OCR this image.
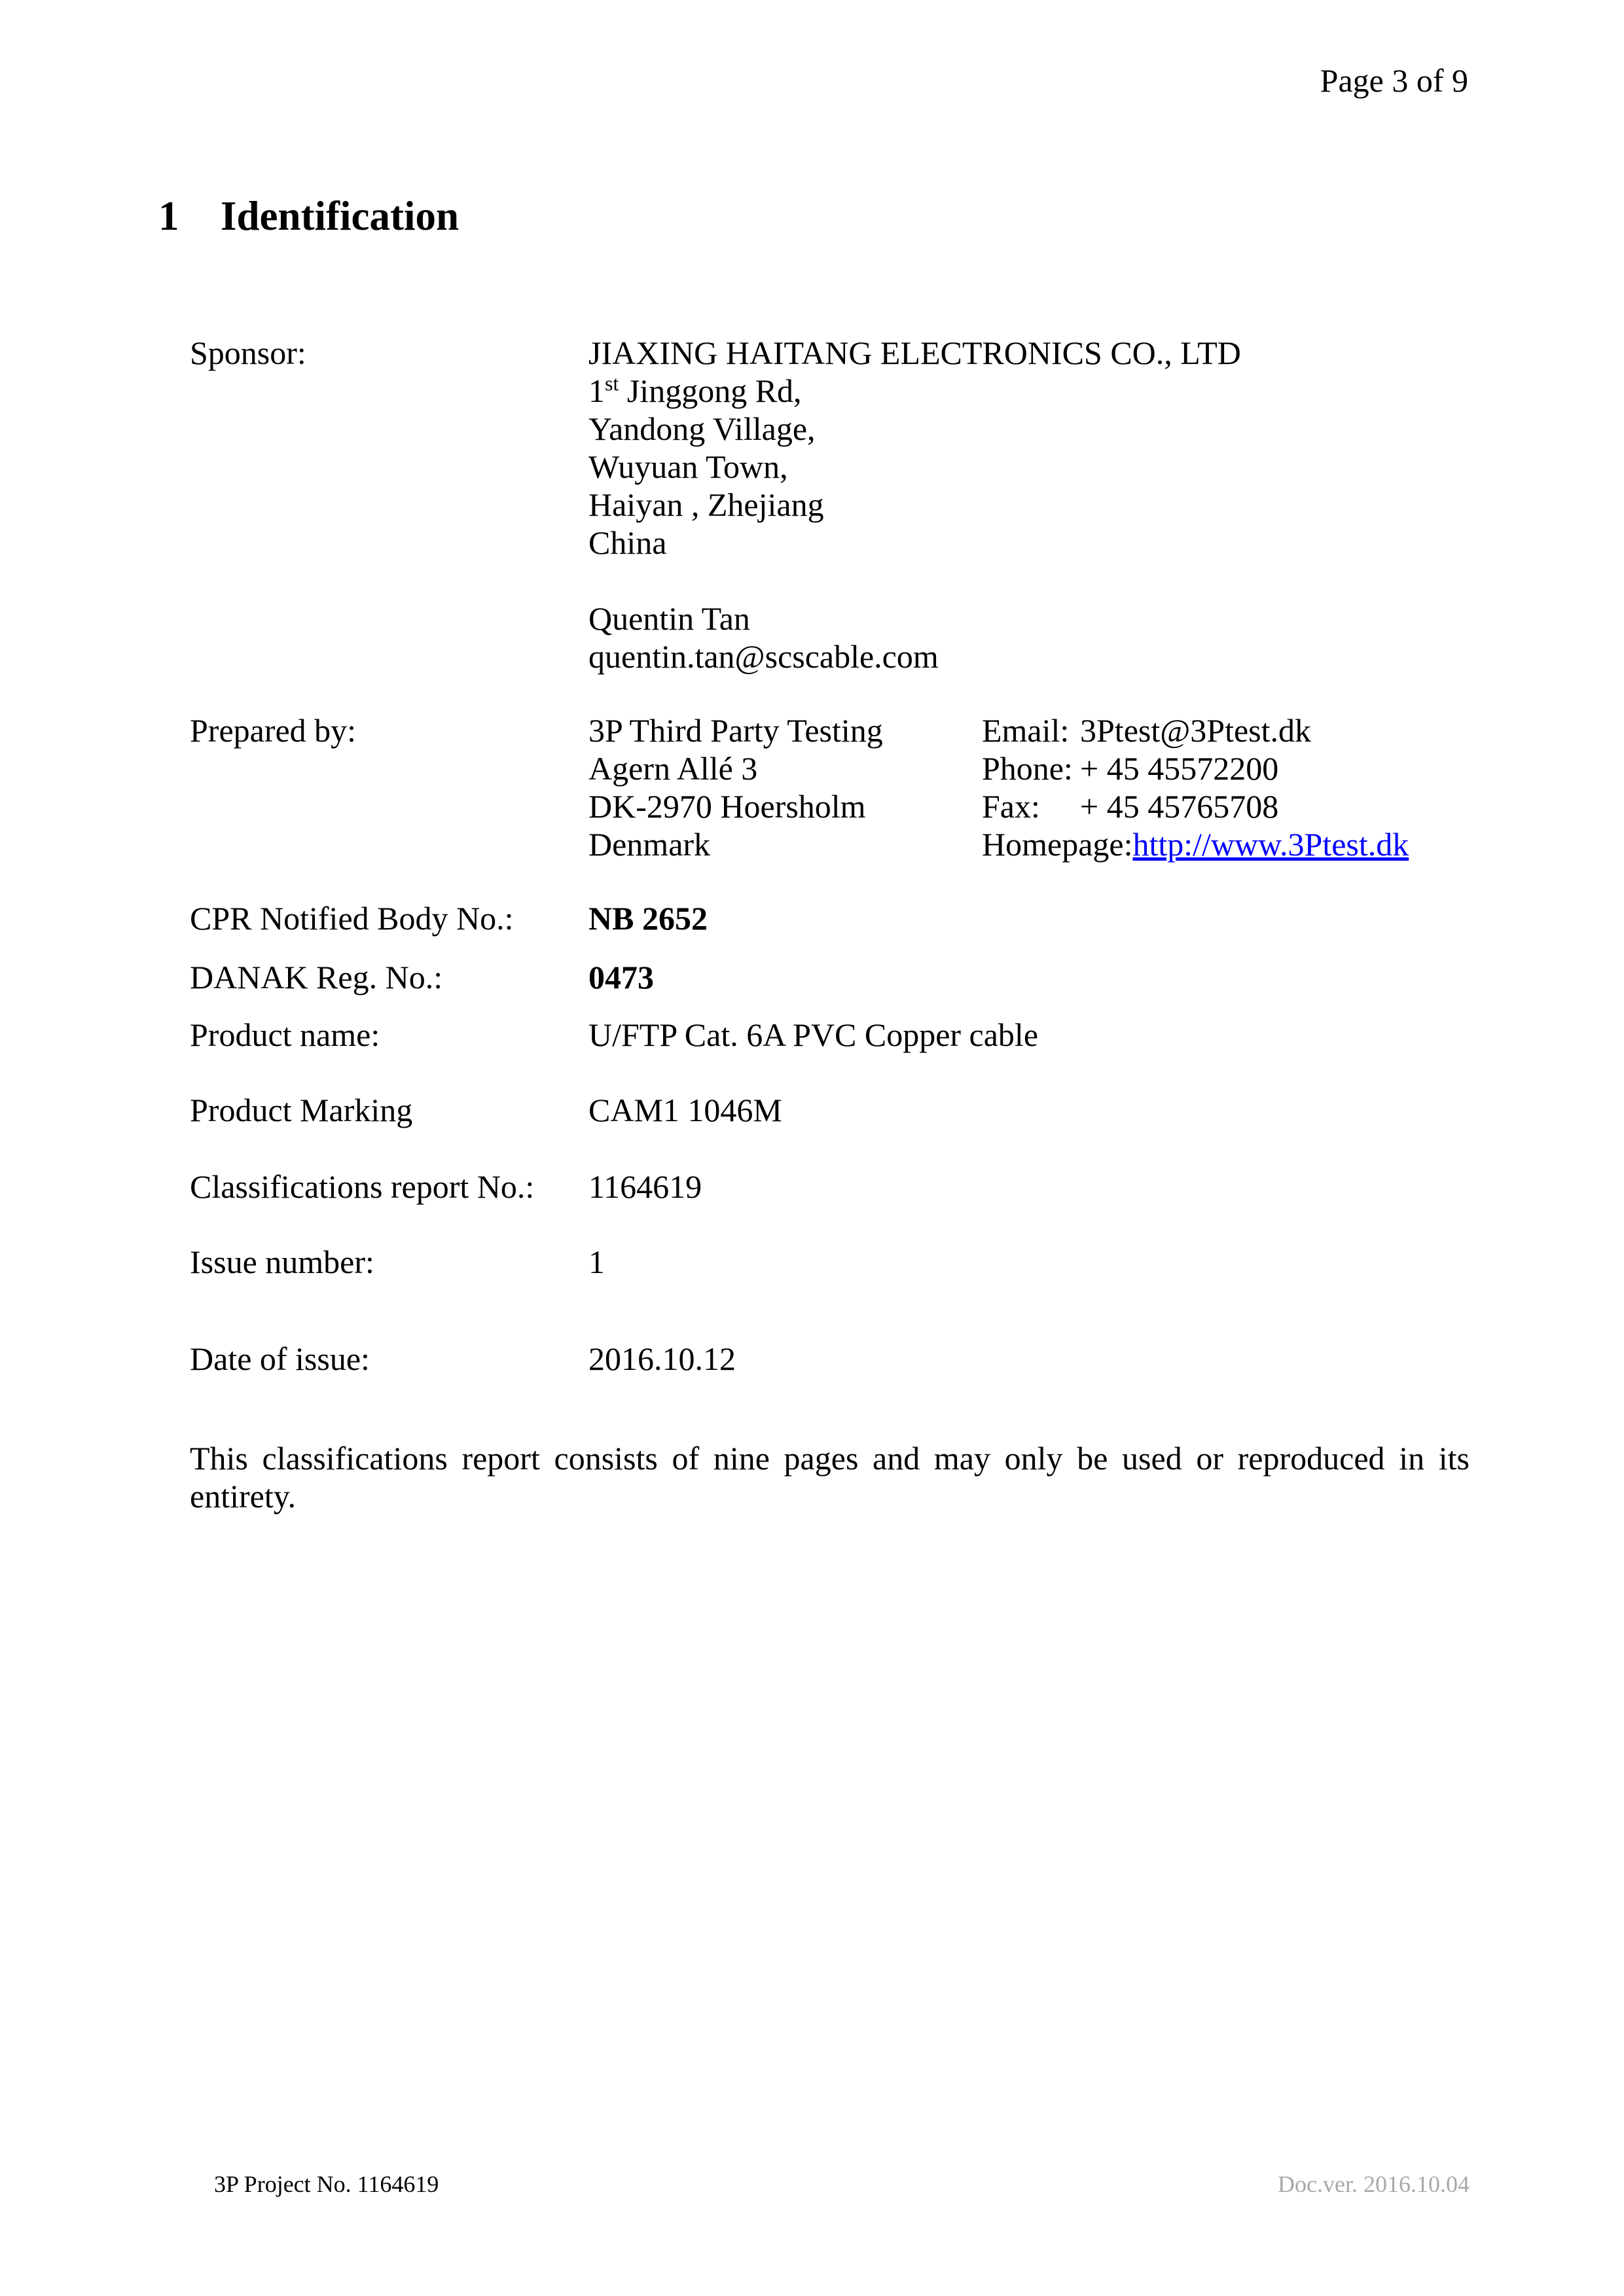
Page 3 of 9
1 Identification
Sponsor:	JIAXING HAITANG ELECTRONICS CO., LTD
1st Jinggong Rd,
Yandong Village,
Wuyuan Town,
Haiyan , Zhejiang
China
Quentin Tan
quentin.tan@scscable.com
Prepared by:	3P Third Party Testing
Agern Allé 3
DK-2970 Hoersholm
Denmark
Email: 3Ptest@3Ptest.dk
Phone: + 45 45572200
Fax: + 45 45765708
Homepage:http://www.3Ptest.dk
CPR Notified Body No.:	NB 2652
DANAK Reg. No.:	0473
Product name:	U/FTP Cat. 6A PVC Copper cable
Product Marking	CAM1 1046M
Classifications report No.:	1164619
Issue number:	1
Date of issue:	2016.10.12
This classifications report consists of nine pages and may only be used or reproduced in its
entirety.
3P Project No. 1164619	Doc.ver. 2016.10.04
